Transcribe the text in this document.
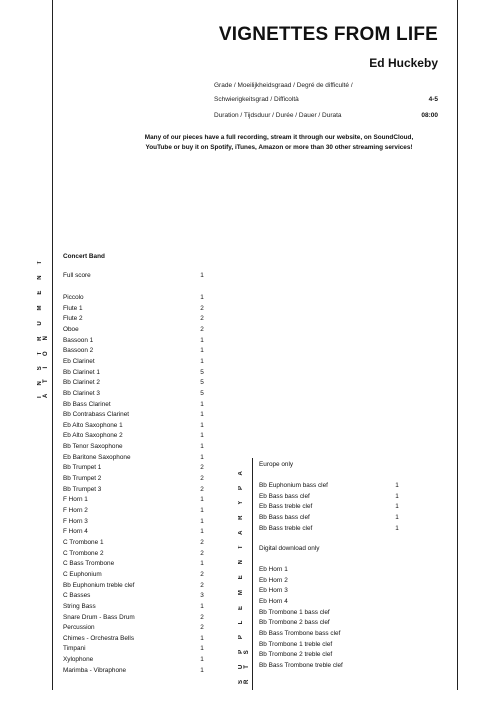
VIGNETTES FROM LIFE
Ed Huckeby
Grade / Moeilijkheidsgraad / Degré de difficulté /
Schwierigkeitsgrad / Difficoltà	4-5
Duration / Tijdsduur / Durée / Dauer / Durata	08:00
Many of our pieces have a full recording, stream it through our website, on SoundCloud,
YouTube or buy it on Spotify, iTunes, Amazon or more than 30 other streaming services!
I N S T R U M E N T A T I O N
S U P P L E M E N T A R Y P A R T S
Concert Band
Full score	1
Piccolo	1
Flute 1	2
Flute 2	2
Oboe	2
Bassoon 1	1
Bassoon 2	1
Eb Clarinet	1
Bb Clarinet 1	5
Bb Clarinet 2	5
Bb Clarinet 3	5
Bb Bass Clarinet	1
Bb Contrabass Clarinet	1
Eb Alto Saxophone 1	1
Eb Alto Saxophone 2	1
Bb Tenor Saxophone	1
Eb Baritone Saxophone	1
Bb Trumpet 1	2
Bb Trumpet 2	2
Bb Trumpet 3	2
F Horn 1	1
F Horn 2	1
F Horn 3	1
F Horn 4	1
C Trombone 1	2
C Trombone 2	2
C Bass Trombone	1
C Euphonium	2
Bb Euphonium treble clef	2
C Basses	3
String Bass	1
Snare Drum - Bass Drum	2
Percussion	2
Chimes - Orchestra Bells	1
Timpani	1
Xylophone	1
Marimba - Vibraphone	1
Europe only
Digital download only
Bb Euphonium bass clef	1
Eb Bass bass clef	1
Eb Bass treble clef	1
Bb Bass bass clef	1
Bb Bass treble clef	1
Eb Horn 1
Eb Horn 2
Eb Horn 3
Eb Horn 4
Bb Trombone 1 bass clef
Bb Trombone 2 bass clef
Bb Bass Trombone bass clef
Bb Trombone 1 treble clef
Bb Trombone 2 treble clef
Bb Bass Trombone treble clef
